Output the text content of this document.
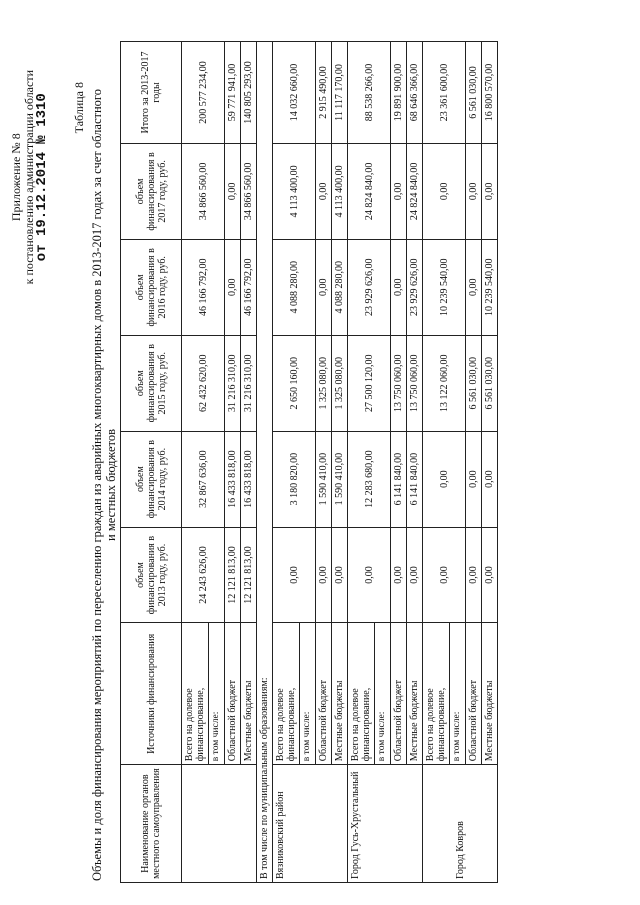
Приложение № 8 к постановлению администрации области
от 19.12.2014 № 1310 Таблица 8 Объемы и доля финансирования мероприятий по переселению граждан из аварийных многоквартирных домов в 2013-2017 годах за счет областного и местных бюджетов
Наименование органов местного самоуправления	Источники финансирования	объем финансирования в 2013 году, руб.	объем финансирования в 2014 году, руб.	объем финансирования в 2015 году, руб.	объем финансирования в 2016 году, руб.	объем финансирования в 2017 году, руб.	Итого за 2013-2017 годы
	Всего на долевое финансирование,	24 243 626,00	32 867 636,00	62 432 620,00	46 166 792,00	34 866 560,00	200 577 234,00
	в том числе:						
	Областной бюджет	12 121 813,00	16 433 818,00	31 216 310,00	0,00	0,00	59 771 941,00
	Местные бюджеты	12 121 813,00	16 433 818,00	31 216 310,00	46 166 792,00	34 866 560,00	140 805 293,00
В том числе по муниципальным образованиям:							
Вязниковский район	Всего на долевое финансирование,	0,00	3 180 820,00	2 650 160,00	4 088 280,00	4 113 400,00	14 032 660,00
	в том числе:						
	Областной бюджет	0,00	1 590 410,00	1 325 080,00	0,00	0,00	2 915 490,00
	Местные бюджеты	0,00	1 590 410,00	1 325 080,00	4 088 280,00	4 113 400,00	11 117 170,00
Город Гусь-Хрустальный	Всего на долевое финансирование,	0,00	12 283 680,00	27 500 120,00	23 929 626,00	24 824 840,00	88 538 266,00
	в том числе:						
	Областной бюджет	0,00	6 141 840,00	13 750 060,00	0,00	0,00	19 891 900,00
	Местные бюджеты	0,00	6 141 840,00	13 750 060,00	23 929 626,00	24 824 840,00	68 646 366,00
Город Ковров	Всего на долевое финансирование,	0,00	0,00	13 122 060,00	10 239 540,00	0,00	23 361 600,00
	в том числе:						
	Областной бюджет	0,00	0,00	6 561 030,00	0,00	0,00	6 561 030,00
	Местные бюджеты	0,00	0,00	6 561 030,00	10 239 540,00	0,00	16 800 570,00
